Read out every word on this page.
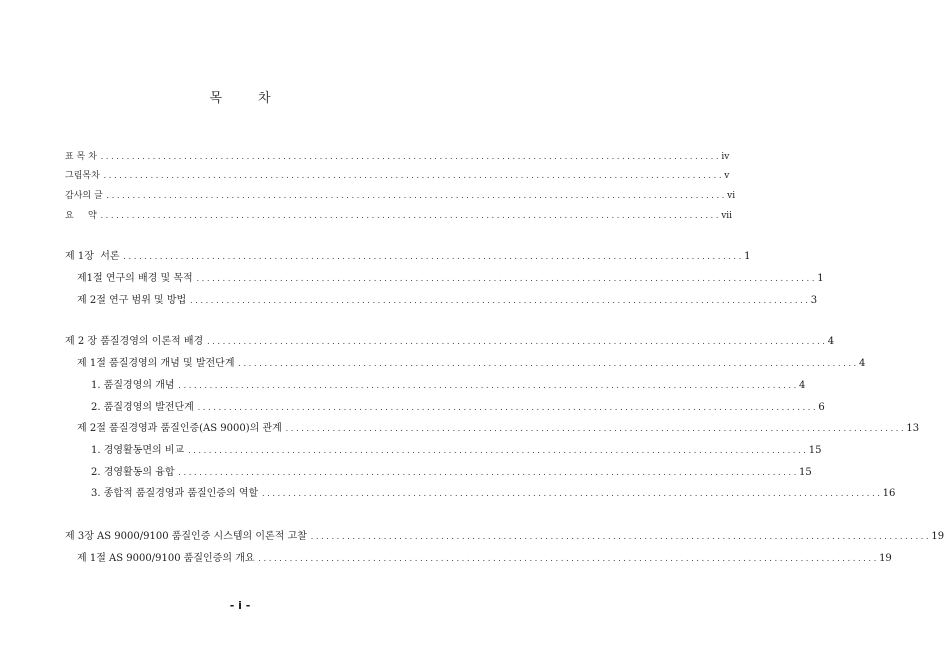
목	차
표 목 차 ....................................................................................................................... iv
그림목차 ....................................................................................................................... v
감사의 글 ....................................................................................................................... vi
요     약 ....................................................................................................................... vii
제 1장  서론 ....................................................................................................................... 1
제1절 연구의 배경 및 목적 ....................................................................................................................... 1
제 2절 연구 범위 및 방법 ....................................................................................................................... 3
제 2 장 품질경영의 이론적 배경 ....................................................................................................................... 4
제 1절 품질경영의 개념 및 발전단계 ....................................................................................................................... 4
1. 품질경영의 개념 ....................................................................................................................... 4
2. 품질경영의 발전단계 ....................................................................................................................... 6
제 2절 품질경영과 품질인증(AS 9000)의 관계 ....................................................................................................................... 13
1. 경영활동면의 비교 ....................................................................................................................... 15
2. 경영활동의 융합 ....................................................................................................................... 15
3. 종합적 품질경영과 품질인증의 역할 ....................................................................................................................... 16
제 3장 AS 9000/9100 품질인증 시스템의 이론적 고찰 ....................................................................................................................... 19
제 1절 AS 9000/9100 품질인증의 개요 ....................................................................................................................... 19
- i -
